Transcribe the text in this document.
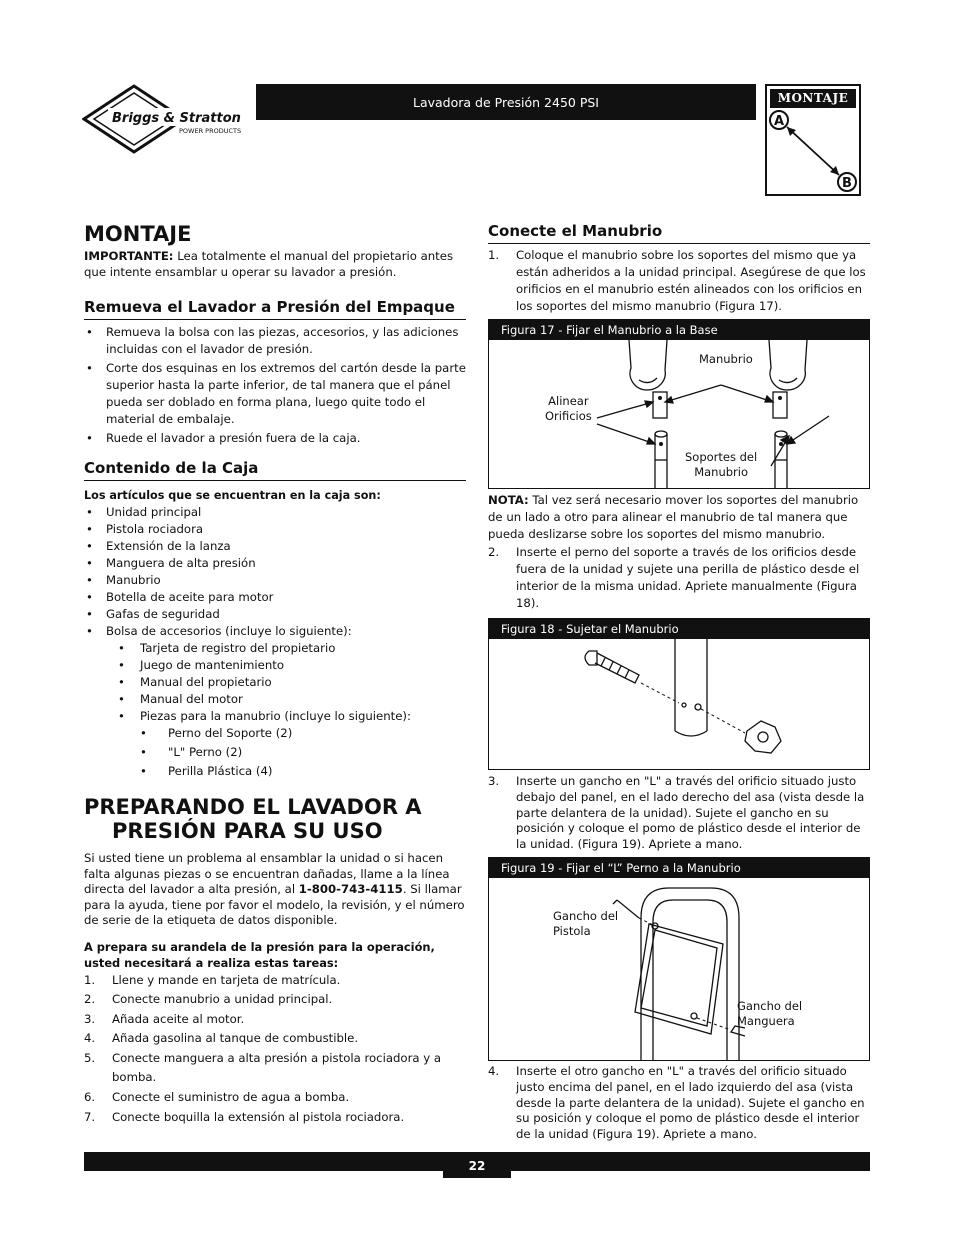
Briggs & Stratton
POWER PRODUCTS
Lavadora de Presión 2450 PSI	MONTAJE
A
B
MONTAJE

IMPORTANTE: Lea totalmente el manual del propietario antes que intente ensamblar u operar su lavador a presión.

Remueva el Lavador a Presión del Empaque
• Remueva la bolsa con las piezas, accesorios, y las adiciones incluidas con el lavador de presión.
• Corte dos esquinas en los extremos del cartón desde la parte superior hasta la parte inferior, de tal manera que el pánel pueda ser doblado en forma plana, luego quite todo el material de embalaje.
• Ruede el lavador a presión fuera de la caja.
Contenido de la Caja

Los artículos que se encuentran en la caja son:

• Unidad principal
• Pistola rociadora
• Extensión de la lanza
• Manguera de alta presión
• Manubrio
• Botella de aceite para motor
• Gafas de seguridad
• Bolsa de accesorios (incluye lo siguiente):
• Tarjeta de registro del propietario
• Juego de mantenimiento
• Manual del propietario
• Manual del motor
• Piezas para la manubrio (incluye lo siguiente):
• Perno del Soporte (2)
• "L" Perno (2)
• Perilla Plástica (4)
PREPARANDO EL LAVADOR A PRESIÓN PARA SU USO

Si usted tiene un problema al ensamblar la unidad o si hacen falta algunas piezas o se encuentran dañadas, llame a la línea directa del lavador a alta presión, al 1-800-743-4115. Si llamar para la ayuda, tiene por favor el modelo, la revisión, y el número de serie de la etiqueta de datos disponible.

A prepara su arandela de la presión para la operación, usted necesitará a realiza estas tareas:

1. Llene y mande en tarjeta de matrícula.
2. Conecte manubrio a unidad principal.
3. Añada aceite al motor.
4. Añada gasolina al tanque de combustible.
5. Conecte manguera a alta presión a pistola rociadora y a bomba.
6. Conecte el suministro de agua a bomba.
7. Conecte boquilla la extensión al pistola rociadora.
Conecte el Manubrio
1. Coloque el manubrio sobre los soportes del mismo que ya están adheridos a la unidad principal. Asegúrese de que los orificios en el manubrio estén alineados con los orificios en los soportes del mismo manubrio (Figura 17).
Figura 17 - Fijar el Manubrio a la Base
Alinear
Orificios
Manubrio
Soportes del
Manubrio

NOTA: Tal vez será necesario mover los soportes del manubrio de un lado a otro para alinear el manubrio de tal manera que pueda deslizarse sobre los soportes del mismo manubrio.

2. Inserte el perno del soporte a través de los orificios desde fuera de la unidad y sujete una perilla de plástico desde el interior de la misma unidad. Apriete manualmente (Figura 18).
Figura 18 - Sujetar el Manubrio
3. Inserte un gancho en "L" a través del orificio situado justo debajo del panel, en el lado derecho del asa (vista desde la parte delantera de la unidad). Sujete el gancho en su posición y coloque el pomo de plástico desde el interior de la unidad. (Figura 19). Apriete a mano.
Figura 19 - Fijar el “L” Perno a la Manubrio
Gancho del
Pistola
Gancho del
Manguera
4. Inserte el otro gancho en "L" a través del orificio situado justo encima del panel, en el lado izquierdo del asa (vista desde la parte delantera de la unidad). Sujete el gancho en su posición y coloque el pomo de plástico desde el interior de la unidad (Figura 19). Apriete a mano.
22
